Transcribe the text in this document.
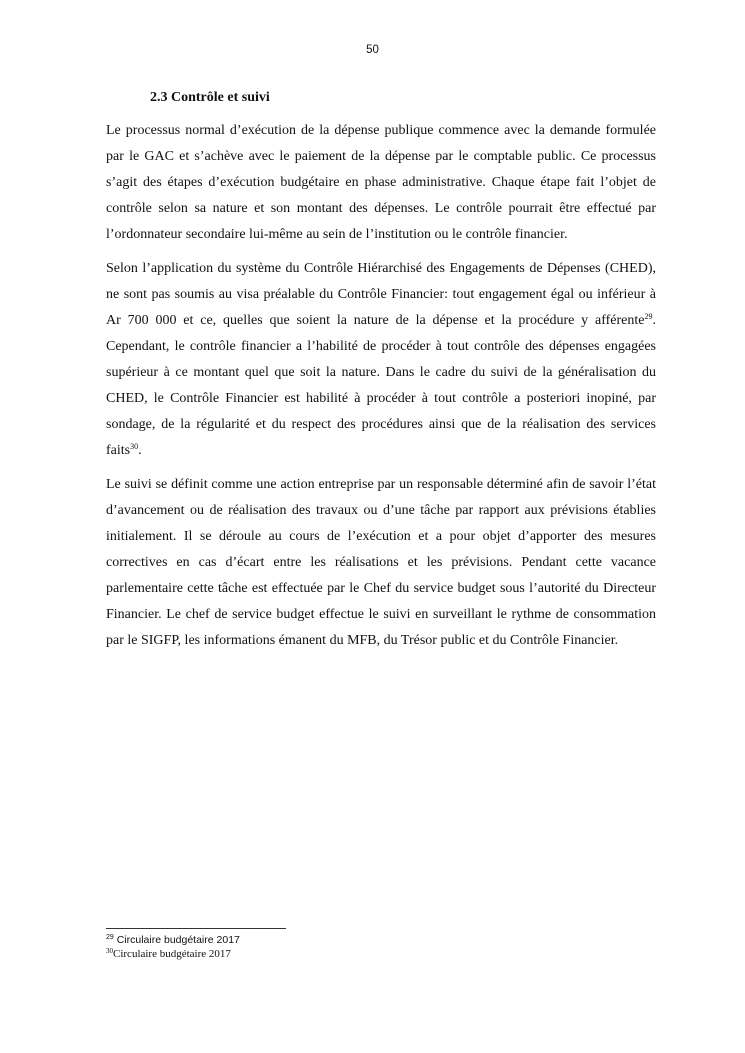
50
2.3 Contrôle et suivi

Le processus normal d’exécution de la dépense publique commence avec la demande formulée par le GAC et s’achève avec le paiement de la dépense par le comptable public. Ce processus s’agit des étapes d’exécution budgétaire en phase administrative. Chaque étape fait l’objet de contrôle selon sa nature et son montant des dépenses. Le contrôle pourrait être effectué par l’ordonnateur secondaire lui-même au sein de l’institution ou le contrôle financier.

Selon l’application du système du Contrôle Hiérarchisé des Engagements de Dépenses (CHED), ne sont pas soumis au visa préalable du Contrôle Financier: tout engagement égal ou inférieur à Ar 700 000 et ce, quelles que soient la nature de la dépense et la procédure y afférente$^{29}$. Cependant, le contrôle financier a l’habilité de procéder à tout contrôle des dépenses engagées supérieur à ce montant quel que soit la nature. Dans le cadre du suivi de la généralisation du CHED, le Contrôle Financier est habilité à procéder à tout contrôle a posteriori inopiné, par sondage, de la régularité et du respect des procédures ainsi que de la réalisation des services faits$^{30}$.

Le suivi se définit comme une action entreprise par un responsable déterminé afin de savoir l’état d’avancement ou de réalisation des travaux ou d’une tâche par rapport aux prévisions établies initialement. Il se déroule au cours de l’exécution et a pour objet d’apporter des mesures correctives en cas d’écart entre les réalisations et les prévisions. Pendant cette vacance parlementaire cette tâche est effectuée par le Chef du service budget sous l’autorité du Directeur Financier. Le chef de service budget effectue le suivi en surveillant le rythme de consommation par le SIGFP, les informations émanent du MFB, du Trésor public et du Contrôle Financier.

$^{29}$ Circulaire budgétaire 2017

$^{30}$Circulaire budgétaire 2017
